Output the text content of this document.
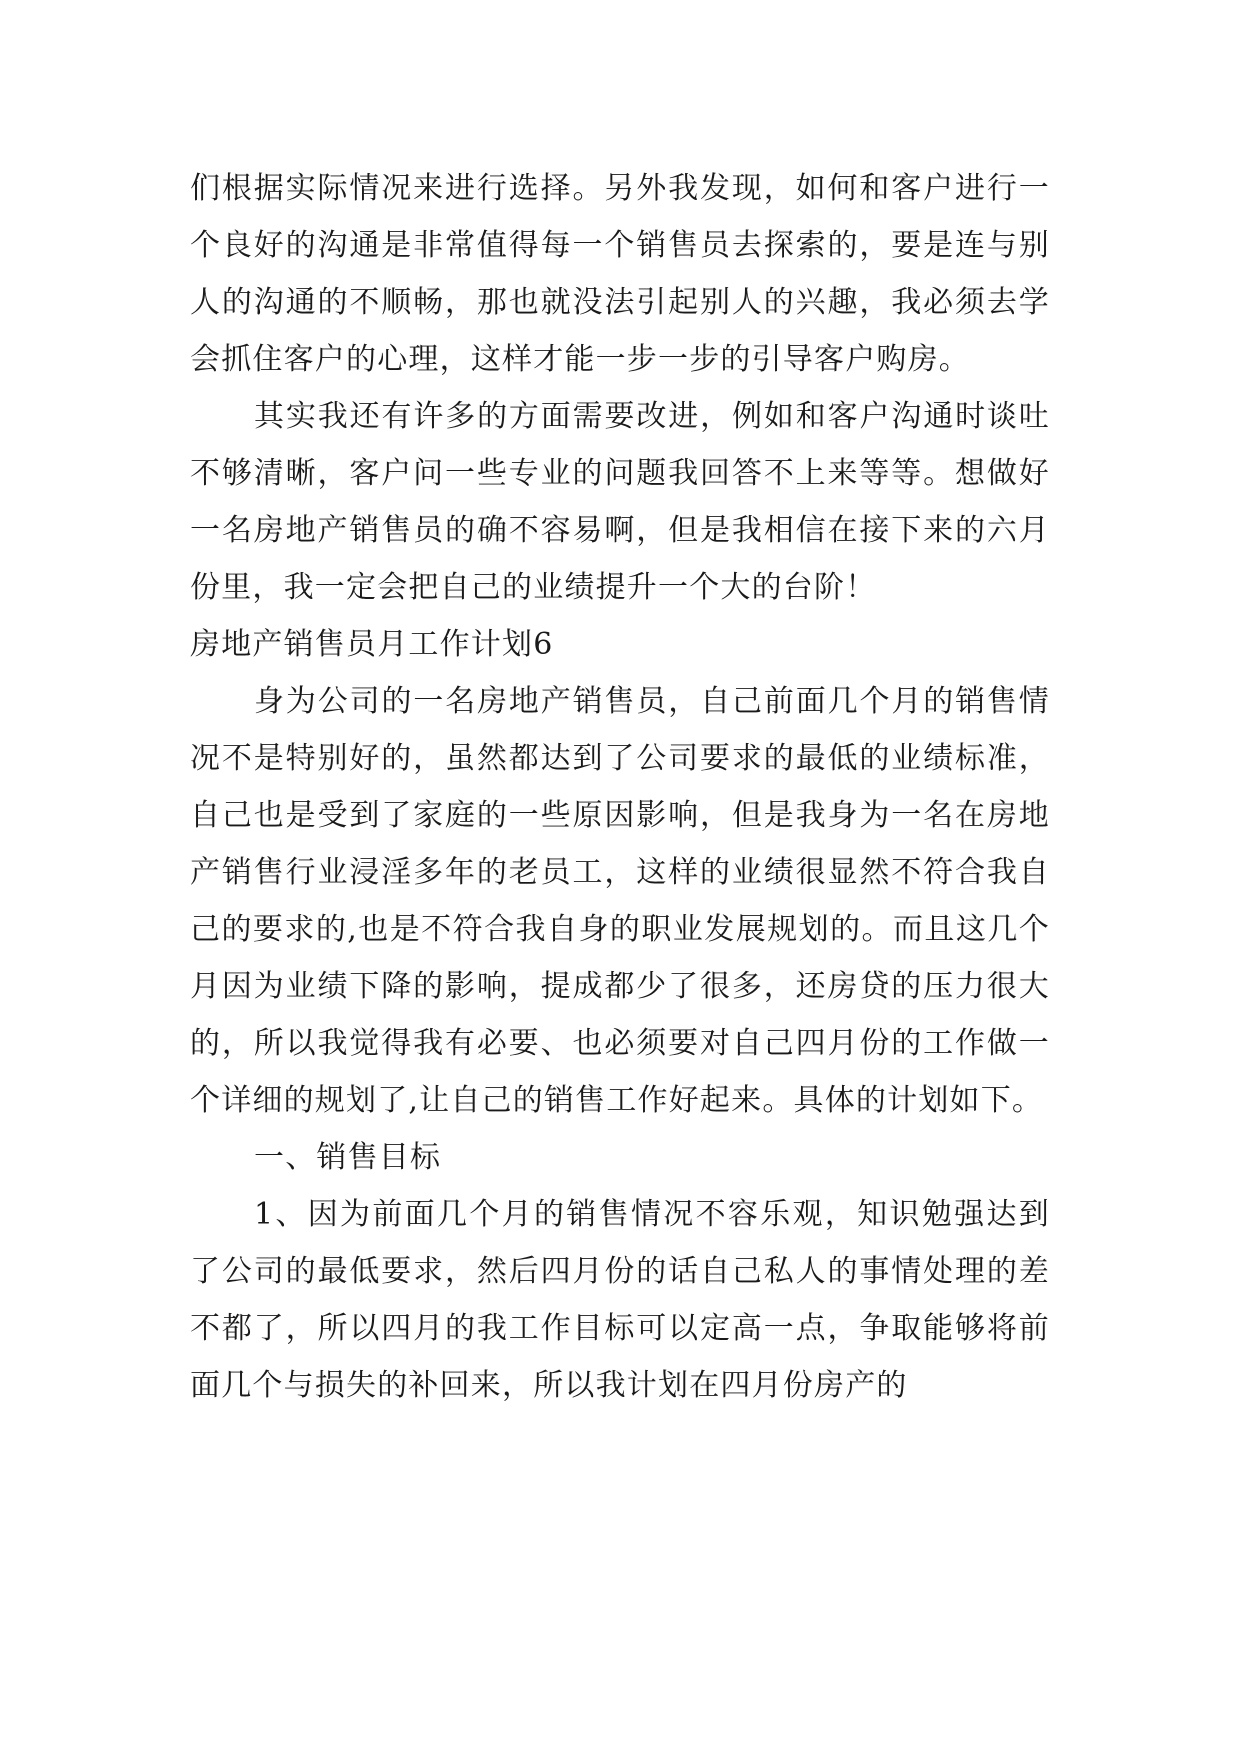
们根据实际情况来进行选择。另外我发现，如何和客户进行一个良好的沟通是非常值得每一个销售员去探索的，要是连与别人的沟通的不顺畅，那也就没法引起别人的兴趣，我必须去学会抓住客户的心理，这样才能一步一步的引导客户购房。

其实我还有许多的方面需要改进，例如和客户沟通时谈吐不够清晰，客户问一些专业的问题我回答不上来等等。想做好一名房地产销售员的确不容易啊，但是我相信在接下来的六月份里，我一定会把自己的业绩提升一个大的台阶！

房地产销售员月工作计划6

身为公司的一名房地产销售员，自己前面几个月的销售情况不是特别好的，虽然都达到了公司要求的最低的业绩标准，自己也是受到了家庭的一些原因影响，但是我身为一名在房地产销售行业浸淫多年的老员工，这样的业绩很显然不符合我自己的要求的,也是不符合我自身的职业发展规划的。而且这几个月因为业绩下降的影响，提成都少了很多，还房贷的压力很大的，所以我觉得我有必要、也必须要对自己四月份的工作做一个详细的规划了,让自己的销售工作好起来。具体的计划如下。

一、销售目标

1、因为前面几个月的销售情况不容乐观，知识勉强达到了公司的最低要求，然后四月份的话自己私人的事情处理的差不都了，所以四月的我工作目标可以定高一点，争取能够将前面几个与损失的补回来，所以我计划在四月份房产的
